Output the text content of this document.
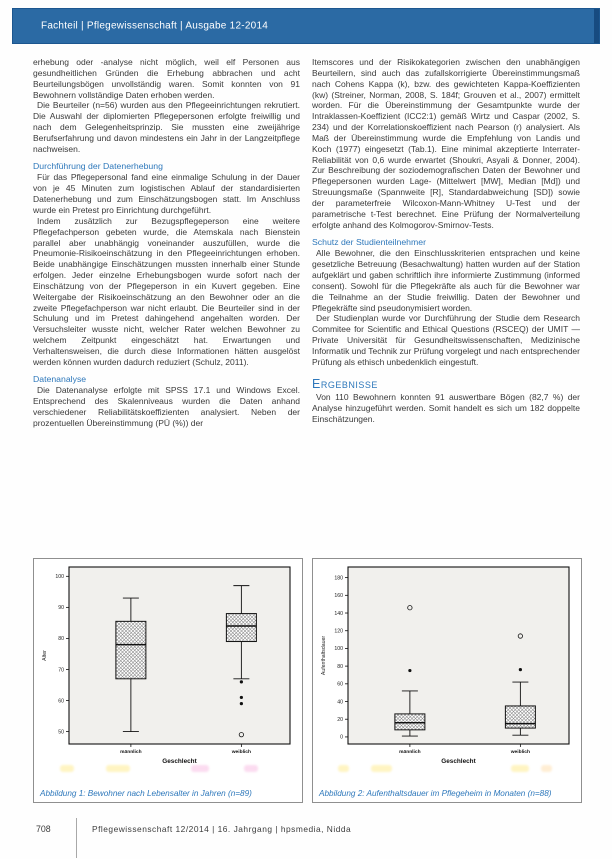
Fachteil | Pflegewissenschaft | Ausgabe 12-2014

erhebung oder -analyse nicht möglich, weil elf Personen aus gesundheitlichen Gründen die Erhebung abbrachen und acht Beurteilungsbögen unvollständig waren. Somit konnten von 91 Bewohnern vollständige Daten erhoben werden.

Die Beurteiler (n=56) wurden aus den Pflegeeinrichtungen rekrutiert. Die Auswahl der diplomierten Pflegepersonen erfolgte freiwillig und nach dem Gelegenheitsprinzip. Sie mussten eine zweijährige Berufserfahrung und davon mindestens ein Jahr in der Langzeitpflege nachweisen.

Durchführung der Datenerhebung

Für das Pflegepersonal fand eine einmalige Schulung in der Dauer von je 45 Minuten zum logistischen Ablauf der standardisierten Datenerhebung und zum Einschätzungsbogen statt. Im Anschluss wurde ein Pretest pro Einrichtung durchgeführt.

Indem zusätzlich zur Bezugspflegeperson eine weitere Pflegefachperson gebeten wurde, die Atemskala nach Bienstein parallel aber unabhängig voneinander auszufüllen, wurde die Pneumonie-Risikoeinschätzung in den Pflegeeinrichtungen erhoben. Beide unabhängige Einschätzungen mussten innerhalb einer Stunde erfolgen. Jeder einzelne Erhebungsbogen wurde sofort nach der Einschätzung von der Pflegeperson in ein Kuvert gegeben. Eine Weitergabe der Risikoeinschätzung an den Bewohner oder an die zweite Pflegefachperson war nicht erlaubt. Die Beurteiler sind in der Schulung und im Pretest dahingehend angehalten worden. Der Versuchsleiter wusste nicht, welcher Rater welchen Bewohner zu welchem Zeitpunkt eingeschätzt hat. Erwartungen und Verhaltensweisen, die durch diese Informationen hätten ausgelöst werden können wurden dadurch reduziert (Schulz, 2011).

Datenanalyse

Die Datenanalyse erfolgte mit SPSS 17.1 und Windows Excel. Entsprechend des Skalenniveaus wurden die Daten anhand verschiedener Reliabilitätskoeffizienten analysiert. Neben der prozentuellen Übereinstimmung (PÜ (%)) der

Itemscores und der Risikokategorien zwischen den unabhängigen Beurteilern, sind auch das zufallskorrigierte Übereinstimmungsmaß nach Cohens Kappa (k), bzw. des gewichteten Kappa-Koeffizienten (kw) (Streiner, Norman, 2008, S. 184f; Grouven et al., 2007) ermittelt worden. Für die Übereinstimmung der Gesamtpunkte wurde der Intraklassen-Koeffizient (ICC2:1) gemäß Wirtz und Caspar (2002, S. 234) und der Korrelationskoeffizient nach Pearson (r) analysiert. Als Maß der Übereinstimmung wurde die Empfehlung von Landis und Koch (1977) eingesetzt (Tab.1). Eine minimal akzeptierte Interrater-Reliabilität von 0,6 wurde erwartet (Shoukri, Asyali & Donner, 2004). Zur Beschreibung der soziodemografischen Daten der Bewohner und Pflegepersonen wurden Lage- (Mittelwert [MW], Median [Md]) und Streuungsmaße (Spannweite [R], Standardabweichung [SD]) sowie der parameterfreie Wilcoxon-Mann-Whitney U-Test und der parametrische t-Test berechnet. Eine Prüfung der Normalverteilung erfolgte anhand des Kolmogorov-Smirnov-Tests.

Schutz der Studienteilnehmer

Alle Bewohner, die den Einschlusskriterien entsprachen und keine gesetzliche Betreuung (Besachwaltung) hatten wurden auf der Station aufgeklärt und gaben schriftlich ihre informierte Zustimmung (informed consent). Sowohl für die Pflegekräfte als auch für die Bewohner war die Teilnahme an der Studie freiwillig. Daten der Bewohner und Pflegekräfte sind pseudonymisiert worden.

Der Studienplan wurde vor Durchführung der Studie dem Research Commitee for Scientific and Ethical Questions (RSCEQ) der UMIT — Private Universität für Gesundheitswissenschaften, Medizinische Informatik und Technik zur Prüfung vorgelegt und nach entsprechender Prüfung als ethisch unbedenklich eingestuft.

Ergebnisse

Von 110 Bewohnern konnten 91 auswertbare Bögen (82,7 %) der Analyse hinzugeführt werden. Somit handelt es sich um 182 doppelte Einschätzungen.

50
60
70
80
90
100
Alter
männlich	weiblich
Geschlecht
Abbildung 1: Bewohner nach Lebensalter in Jahren (n=89)
0
20
40
60
80
100
120
140
160
180
Aufenthaltsdauer
männlich	weiblich
Geschlecht
Abbildung 2: Aufenthaltsdauer im Pflegeheim in Monaten (n=88)
708	Pflegewissenschaft 12/2014 | 16. Jahrgang | hpsmedia, Nidda
